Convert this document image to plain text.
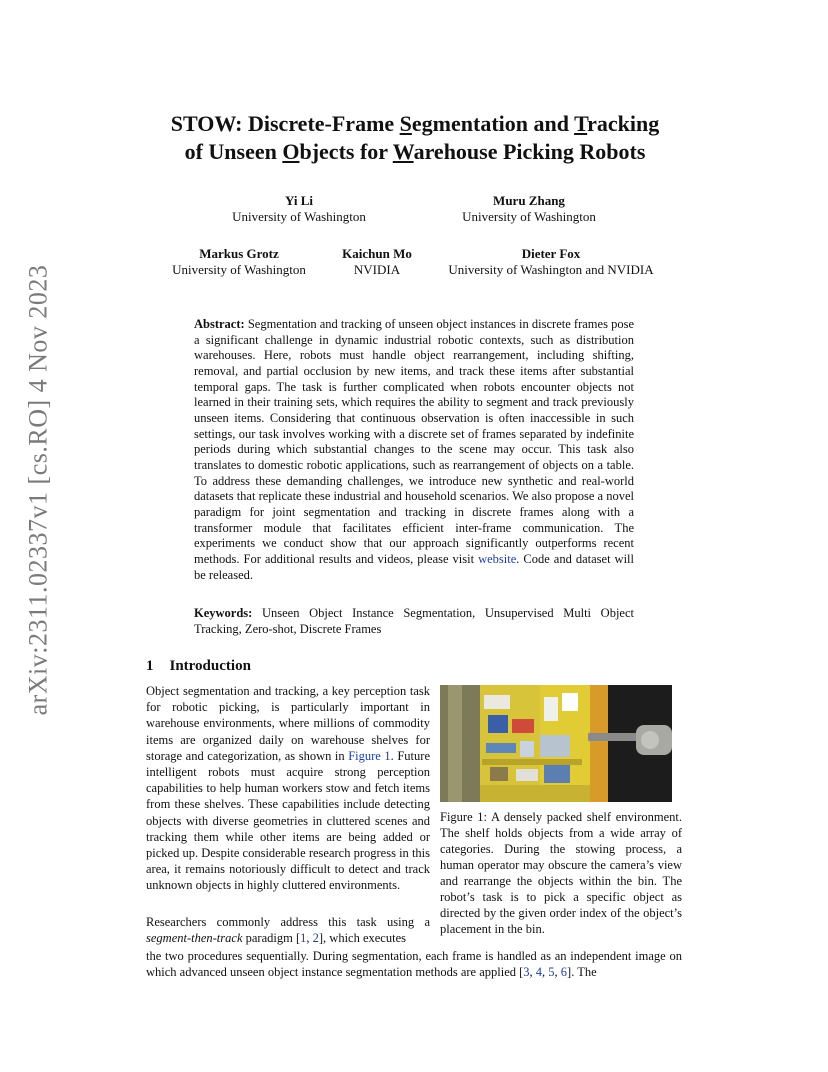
arXiv:2311.02337v1 [cs.RO] 4 Nov 2023
STOW: Discrete-Frame Segmentation and Tracking
of Unseen Objects for Warehouse Picking Robots
Yi Li
University of Washington
Muru Zhang
University of Washington
Markus Grotz
University of Washington
Kaichun Mo
NVIDIA
Dieter Fox
University of Washington and NVIDIA

Abstract: Segmentation and tracking of unseen object instances in discrete frames pose a significant challenge in dynamic industrial robotic contexts, such as distribution warehouses. Here, robots must handle object rearrangement, including shifting, removal, and partial occlusion by new items, and track these items after substantial temporal gaps. The task is further complicated when robots encounter objects not learned in their training sets, which requires the ability to segment and track previously unseen items. Considering that continuous observation is often inaccessible in such settings, our task involves working with a discrete set of frames separated by indefinite periods during which substantial changes to the scene may occur. This task also translates to domestic robotic applications, such as rearrangement of objects on a table. To address these demanding challenges, we introduce new synthetic and real-world datasets that replicate these industrial and household scenarios. We also propose a novel paradigm for joint segmentation and tracking in discrete frames along with a transformer module that facilitates efficient inter-frame communication. The experiments we conduct show that our approach significantly outperforms recent methods. For additional results and videos, please visit website. Code and dataset will be released.

Keywords: Unseen Object Instance Segmentation, Unsupervised Multi Object Tracking, Zero-shot, Discrete Frames

1 Introduction

Object segmentation and tracking, a key perception task for robotic picking, is particularly important in warehouse environments, where millions of commodity items are organized daily on warehouse shelves for storage and categorization, as shown in Figure 1. Future intelligent robots must acquire strong perception capabilities to help human workers stow and fetch items from these shelves. These capabilities include detecting objects with diverse geometries in cluttered scenes and tracking them while other items are being added or picked up. Despite considerable research progress in this area, it remains notoriously difficult to detect and track unknown objects in highly cluttered environments.

Researchers commonly address this task using a segment-then-track paradigm [1, 2], which executes

the two procedures sequentially. During segmentation, each frame is handled as an independent image on which advanced unseen object instance segmentation methods are applied [3, 4, 5, 6]. The

Figure 1: A densely packed shelf environment. The shelf holds objects from a wide array of categories. During the stowing process, a human operator may obscure the camera’s view and rearrange the objects within the bin. The robot’s task is to pick a specific object as directed by the given order index of the object’s placement in the bin.
